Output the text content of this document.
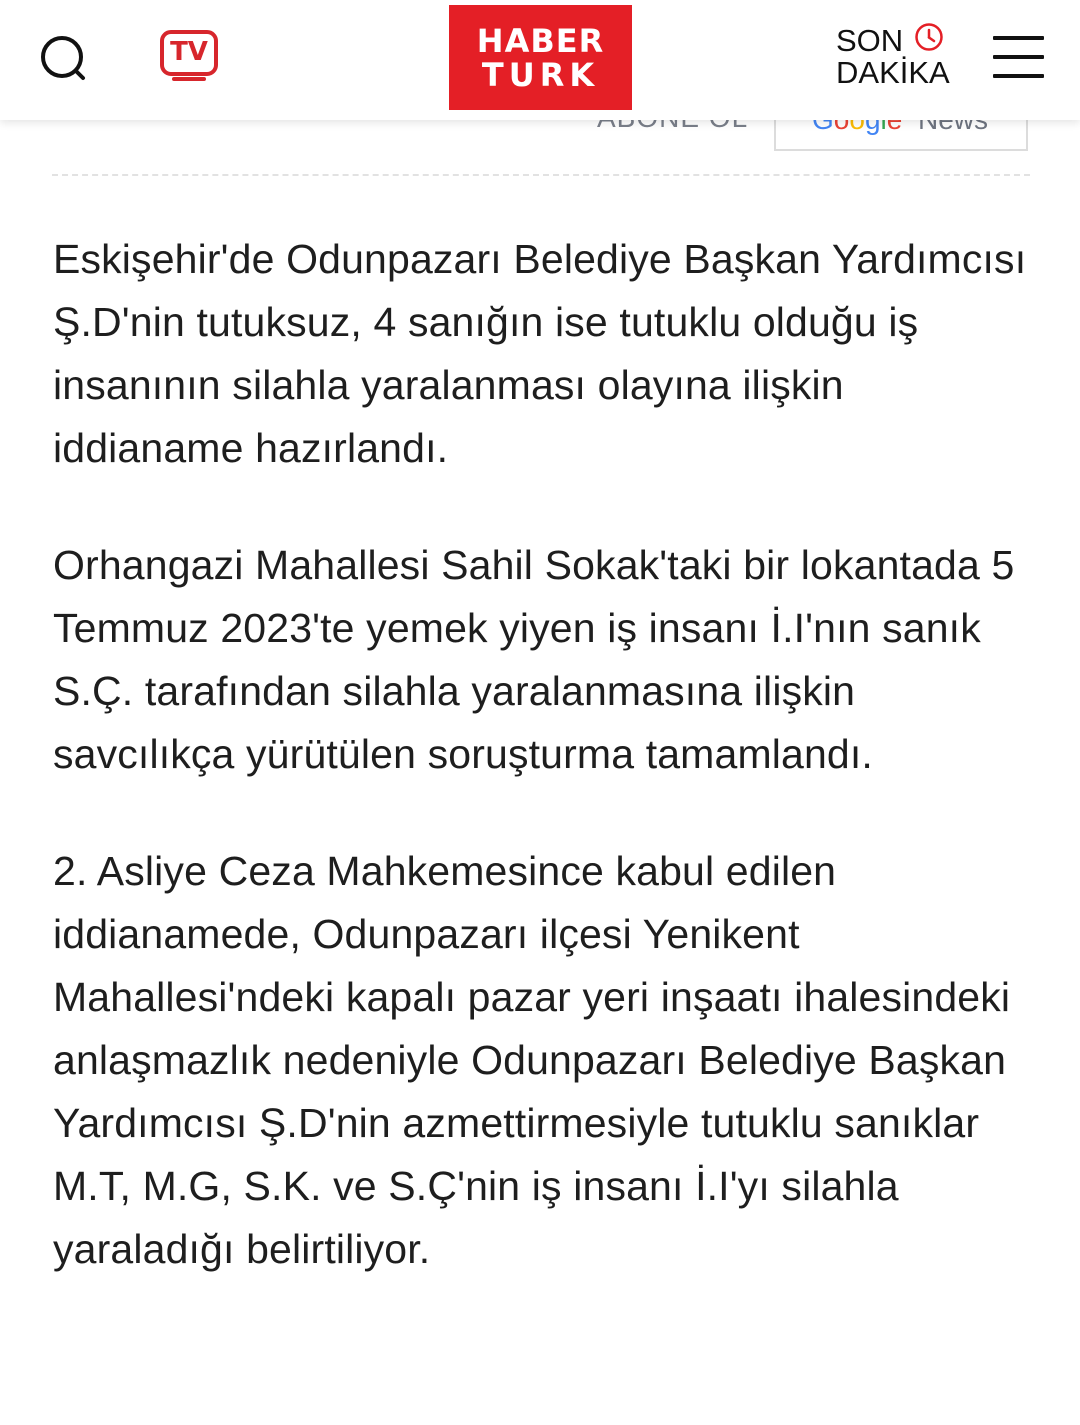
TV	HABER
TURK
SON
DAKİKA

Eskişehir'de Odunpazarı Belediye Başkan Yardımcısı Ş.D'nin tutuksuz, 4 sanığın ise tutuklu olduğu iş insanının silahla yaralanması olayına ilişkin iddianame hazırlandı.

Orhangazi Mahallesi Sahil Sokak'taki bir lokantada 5 Temmuz 2023'te yemek yiyen iş insanı İ.I'nın sanık S.Ç. tarafından silahla yaralanmasına ilişkin savcılıkça yürütülen soruşturma tamamlandı.

2. Asliye Ceza Mahkemesince kabul edilen iddianamede, Odunpazarı ilçesi Yenikent Mahallesi'ndeki kapalı pazar yeri inşaatı ihalesindeki anlaşmazlık nedeniyle Odunpazarı Belediye Başkan Yardımcısı Ş.D'nin azmettirmesiyle tutuklu sanıklar M.T, M.G, S.K. ve S.Ç'nin iş insanı İ.I'yı silahla yaraladığı belirtiliyor.
